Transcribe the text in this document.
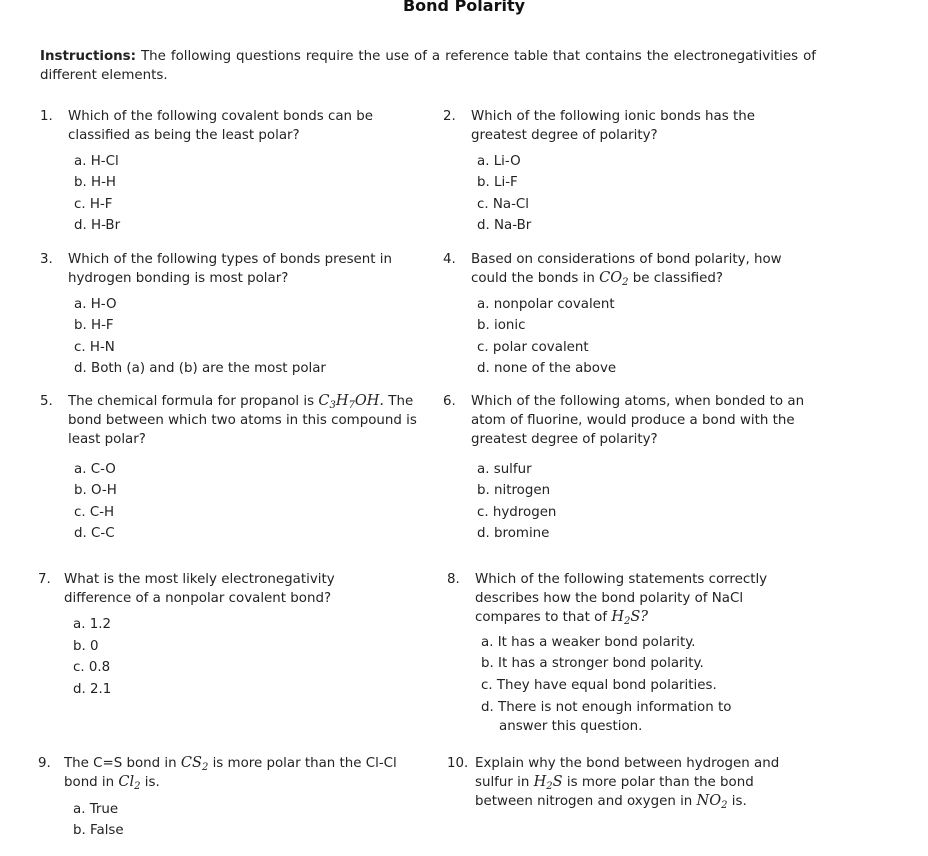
Bond Polarity
Instructions: The following questions require the use of a reference table that contains the electronegativities of different elements.
1.	Which of the following covalent bonds can be classified as being the least polar?
a. H-Cl
b. H-H
c. H-F
d. H-Br
2.	Which of the following ionic bonds has the greatest degree of polarity?
a. Li-O
b. Li-F
c. Na-Cl
d. Na-Br
3.	Which of the following types of bonds present in hydrogen bonding is most polar?
a. H-O
b. H-F
c. H-N
d. Both (a) and (b) are the most polar
4.	Based on considerations of bond polarity, how could the bonds in $CO_2$ be classified?
a. nonpolar covalent
b. ionic
c. polar covalent
d. none of the above
5.	The chemical formula for propanol is $C_3H_7OH$. The bond between which two atoms in this compound is least polar?
a. C-O
b. O-H
c. C-H
d. C-C
6.	Which of the following atoms, when bonded to an atom of fluorine, would produce a bond with the greatest degree of polarity?
a. sulfur
b. nitrogen
c. hydrogen
d. bromine
7. What is the most likely electronegativity difference of a nonpolar covalent bond?
a. 1.2
b. 0
c. 0.8
d. 2.1
8.	Which of the following statements correctly describes how the bond polarity of NaCl compares to that of $H_2S$?
a. It has a weaker bond polarity.
b. It has a stronger bond polarity.
c. They have equal bond polarities.
d. There is not enough information to answer this question.
9. The C=S bond in $CS_2$ is more polar than the Cl-Cl bond in $Cl_2$ is.
a. True
b. False
10. Explain why the bond between hydrogen and sulfur in $H_2S$ is more polar than the bond between nitrogen and oxygen in $NO_2$ is.
